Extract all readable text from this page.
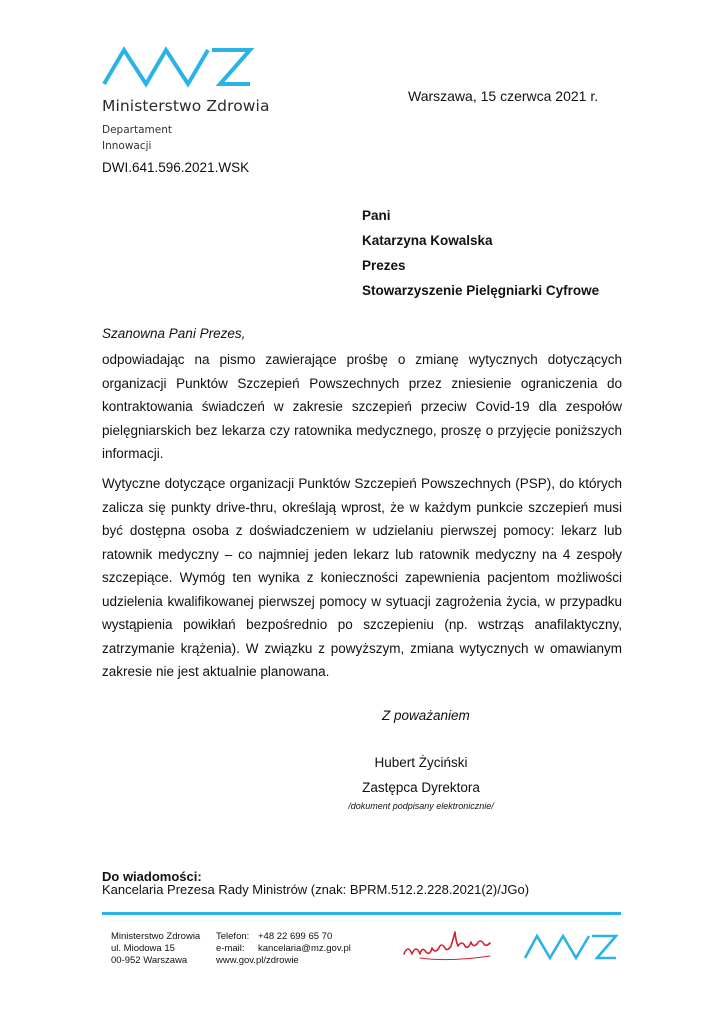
Ministerstwo Zdrowia
Departament
Innowacji
Warszawa, 15 czerwca 2021 r.
DWI.641.596.2021.WSK
Pani
Katarzyna Kowalska
Prezes
Stowarzyszenie Pielęgniarki Cyfrowe
Szanowna Pani Prezes,
odpowiadając na pismo zawierające prośbę o zmianę wytycznych dotyczących organizacji Punktów Szczepień Powszechnych przez zniesienie ograniczenia do kontraktowania świadczeń w zakresie szczepień przeciw Covid-19 dla zespołów pielęgniarskich bez lekarza czy ratownika medycznego, proszę o przyjęcie poniższych informacji.
Wytyczne dotyczące organizacji Punktów Szczepień Powszechnych (PSP), do których zalicza się punkty drive-thru, określają wprost, że w każdym punkcie szczepień musi być dostępna osoba z doświadczeniem w udzielaniu pierwszej pomocy: lekarz lub ratownik medyczny – co najmniej jeden lekarz lub ratownik medyczny na 4 zespoły szczepiące. Wymóg ten wynika z konieczności zapewnienia pacjentom możliwości udzielenia kwalifikowanej pierwszej pomocy w sytuacji zagrożenia życia, w przypadku wystąpienia powikłań bezpośrednio po szczepieniu (np. wstrząs anafilaktyczny, zatrzymanie krążenia). W związku z powyższym, zmiana wytycznych w omawianym zakresie nie jest aktualnie planowana.
Z poważaniem
Hubert Życiński
Zastępca Dyrektora
/dokument podpisany elektronicznie/
Do wiadomości:
Kancelaria Prezesa Rady Ministrów (znak: BPRM.512.2.228.2021(2)/JGo)
Ministerstwo Zdrowia
ul. Miodowa 15
00-952 Warszawa
Telefon:
e-mail:
+48 22 699 65 70
kancelaria@mz.gov.pl
www.gov.pl/zdrowie
